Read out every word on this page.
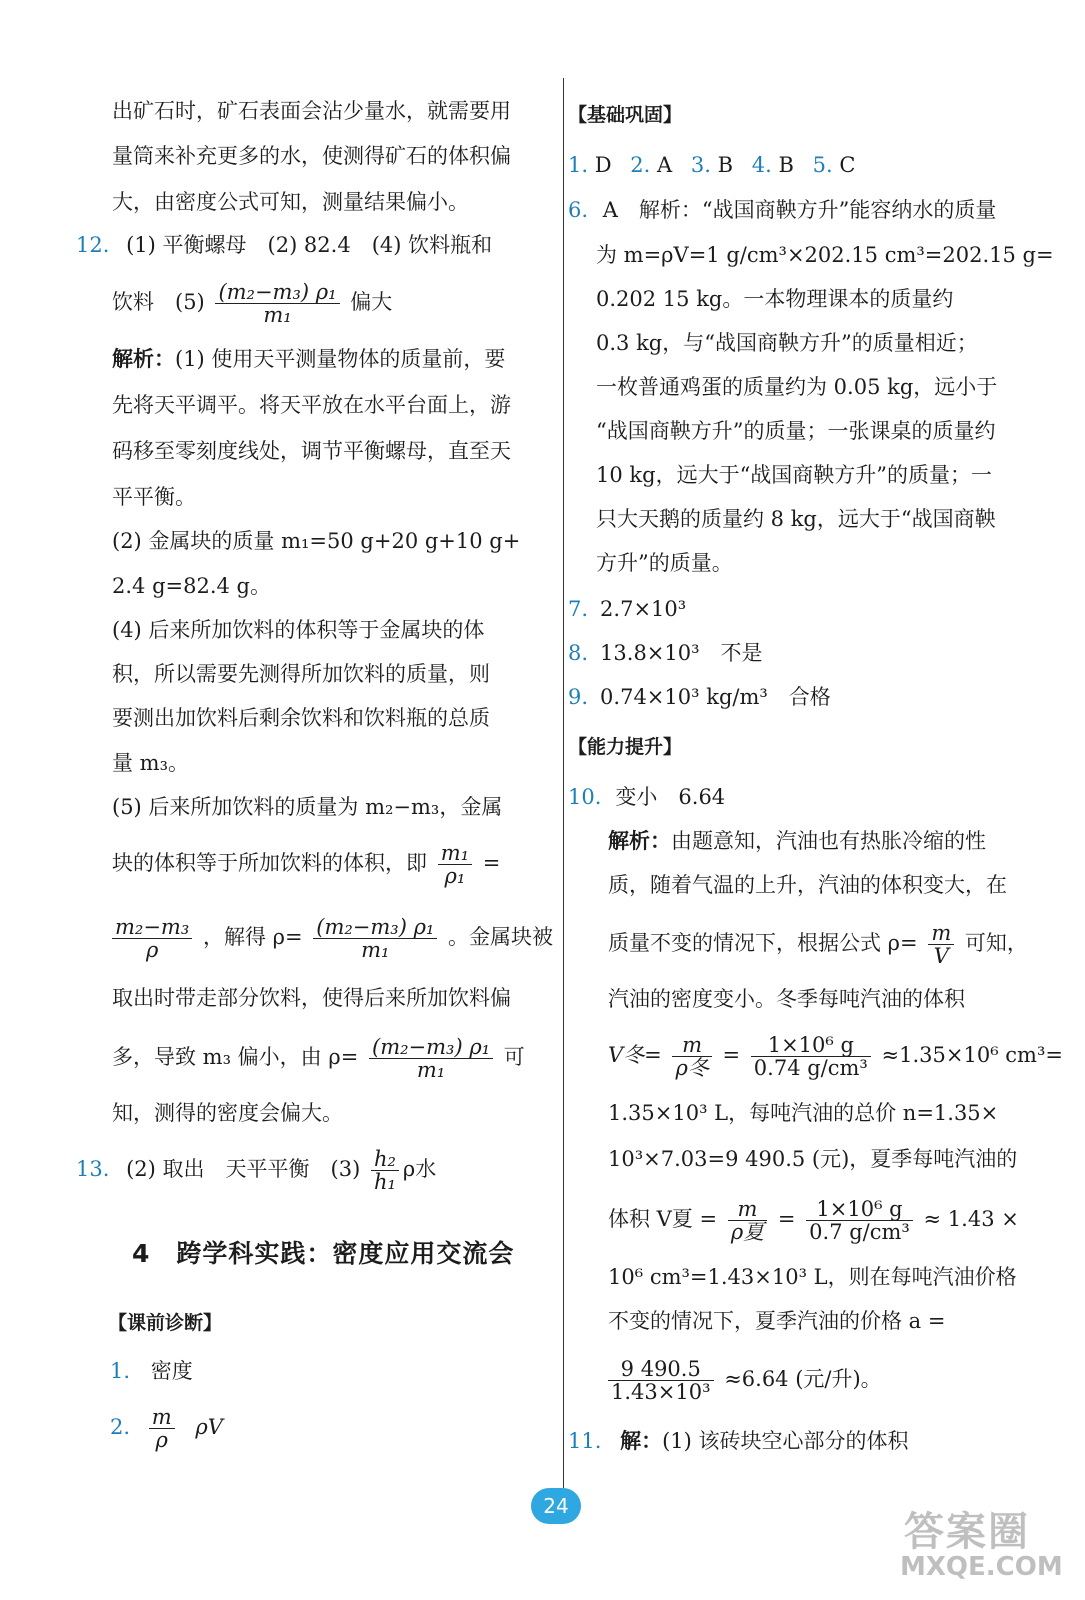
出矿石时，矿石表面会沾少量水，就需要用
量筒来补充更多的水，使测得矿石的体积偏
大，由密度公式可知，测量结果偏小。
12. (1) 平衡螺母　(2) 82.4　(4) 饮料瓶和
饮料　$(5) \frac{\text{(m₂−m₃) ρ₁}}{\text{m₁}}$ 偏大
解析：(1) 使用天平测量物体的质量前，要
先将天平调平。将天平放在水平台面上，游
码移至零刻度线处，调节平衡螺母，直至天
平平衡。
(2) 金属块的质量 m₁=50 g+20 g+10 g+
2.4 g=82.4 g。
(4) 后来所加饮料的体积等于金属块的体
积，所以需要先测得所加饮料的质量，则
要测出加饮料后剩余饮料和饮料瓶的总质
量 m₃。
(5) 后来所加饮料的质量为 m₂−m₃，金属
块的体积等于所加饮料的体积，即 $\frac{\text{m₁}}{\text{ρ₁}}$ =
$\frac{\text{m₂−m₃}}{\rho}$ ，解得 $\rho= \frac{\text{(m₂−m₃) ρ₁}}{\text{m₁}}$ 。金属块被
取出时带走部分饮料，使得后来所加饮料偏
多，导致 m₃ 偏小，由 $\rho= \frac{\text{(m₂−m₃) ρ₁}}{\text{m₁}}$ 可
知，测得的密度会偏大。
13. (2) 取出　天平平衡　$(3) \frac{\text{h₂}}{\text{h₁}}$ ρ水
4　跨学科实践：密度应用交流会
【课前诊断】
1. 密度
2. $\frac{m}{\rho}$ ρV
【基础巩固】
1. D 2. A 3. B 4. B 5. C
6. A　解析：“战国商鞅方升”能容纳水的质量
为 m=ρV=1 g/cm³×202.15 cm³=202.15 g=
0.202 15 kg。一本物理课本的质量约
0.3 kg，与“战国商鞅方升”的质量相近；
一枚普通鸡蛋的质量约为 0.05 kg，远小于
“战国商鞅方升”的质量；一张课桌的质量约
10 kg，远大于“战国商鞅方升”的质量；一
只大天鹅的质量约 8 kg，远大于“战国商鞅
方升”的质量。
7. 2.7×10³
8. 13.8×10³　不是
9. 0.74×10³ kg/m³　合格
【能力提升】
10. 变小　6.64
解析：由题意知，汽油也有热胀冷缩的性
质，随着气温的上升，汽油的体积变大，在
质量不变的情况下，根据公式 $\rho= \frac{m}{V}$ 可知，
汽油的密度变小。冬季每吨汽油的体积
V冬= $\frac{m}{\text{ρ冬}} = \frac{\text{1×10⁶ g}}{\text{0.74 g/cm³}} \approx 1.35\times 10^6$ cm³=
1.35×10³ L，每吨汽油的总价 n=1.35×
10³×7.03=9 490.5 (元)，夏季每吨汽油的
体积 V夏 = $\frac{m}{\text{ρ夏}} = \frac{\text{1×10⁶ g}}{\text{0.7 g/cm³}} \approx 1.43$ ×
10⁶ cm³=1.43×10³ L，则在每吨汽油价格
不变的情况下，夏季汽油的价格 a =
$\frac{9 490.5}{\text{1.43×10³}} \approx 6.64$ (元/升)。
11. 解：(1) 该砖块空心部分的体积
24
答案圈
MXQE.COM
